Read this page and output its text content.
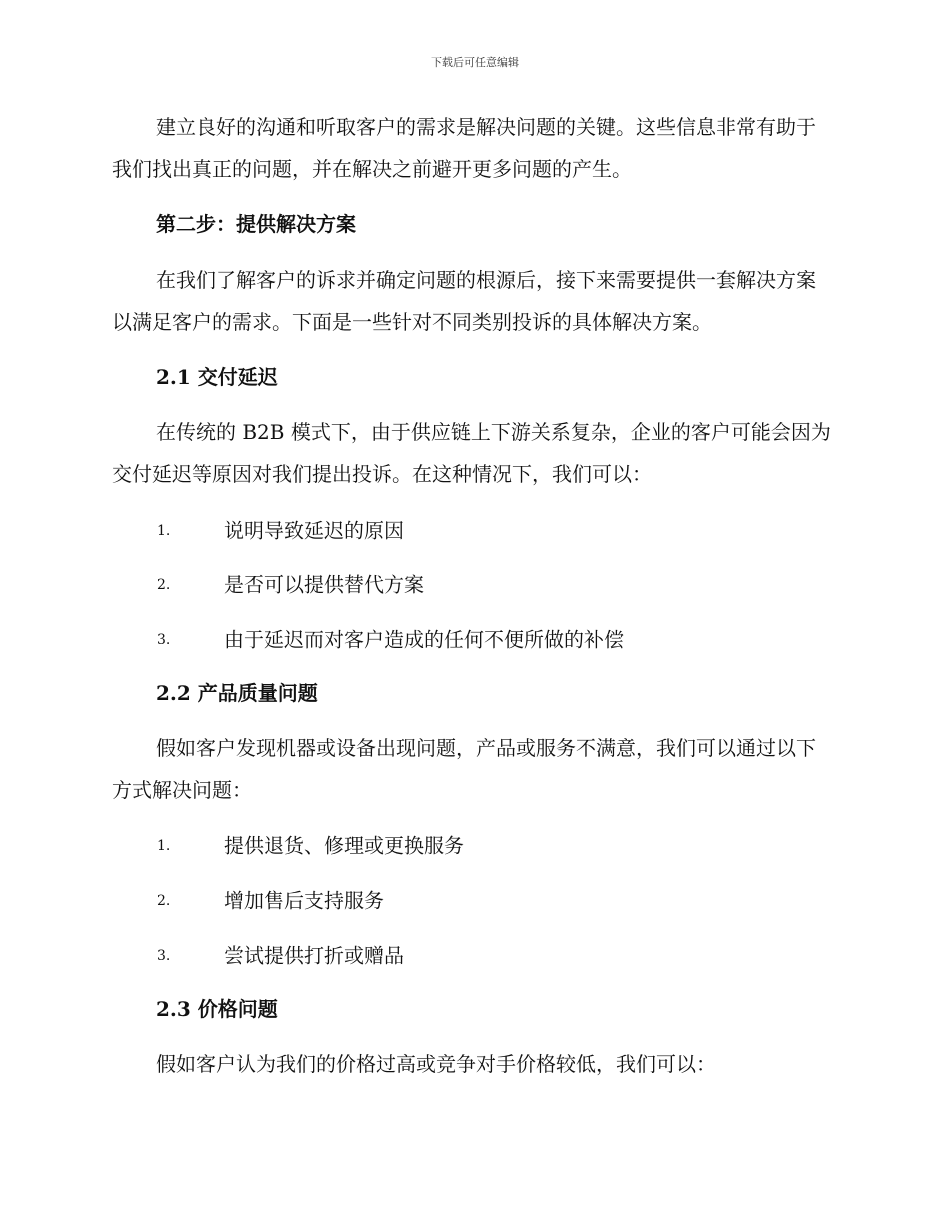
下载后可任意编辑

建立良好的沟通和听取客户的需求是解决问题的关键。这些信息非常有助于我们找出真正的问题，并在解决之前避开更多问题的产生。

第二步：提供解决方案

在我们了解客户的诉求并确定问题的根源后，接下来需要提供一套解决方案以满足客户的需求。下面是一些针对不同类别投诉的具体解决方案。

2.1 交付延迟

在传统的 B2B 模式下，由于供应链上下游关系复杂，企业的客户可能会因为交付延迟等原因对我们提出投诉。在这种情况下，我们可以：

1.	说明导致延迟的原因

2.	是否可以提供替代方案

3.	由于延迟而对客户造成的任何不便所做的补偿

2.2 产品质量问题

假如客户发现机器或设备出现问题，产品或服务不满意，我们可以通过以下方式解决问题：

1.	提供退货、修理或更换服务

2.	增加售后支持服务

3.	尝试提供打折或赠品

2.3 价格问题

假如客户认为我们的价格过高或竞争对手价格较低，我们可以：
